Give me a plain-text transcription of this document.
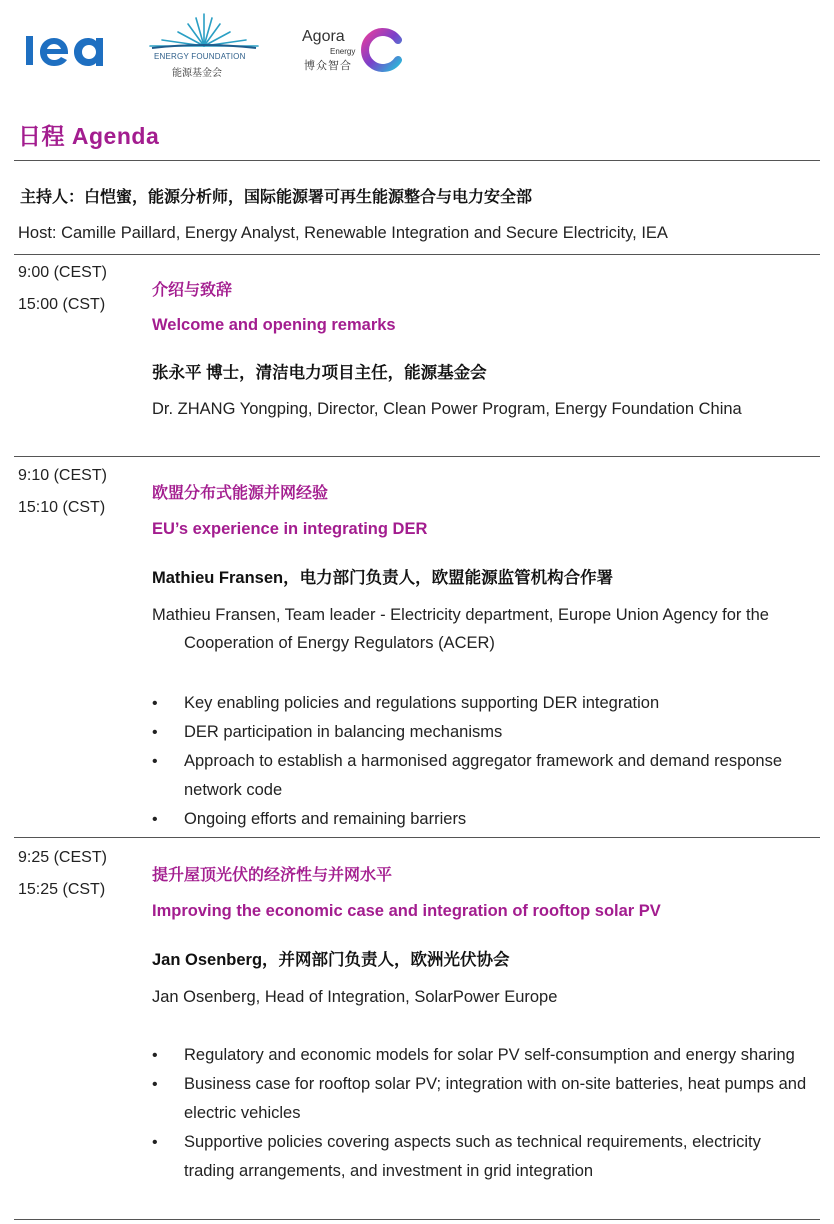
ENERGY FOUNDATION
能源基金会
Agora
Energy
博众智合
日程 Agenda
主持人：白恺蜜，能源分析师，国际能源署可再生能源整合与电力安全部
Host: Camille Paillard, Energy Analyst, Renewable Integration and Secure Electricity, IEA
9:00 (CEST)
15:00 (CST)
介绍与致辞
Welcome and opening remarks
张永平 博士，清洁电力项目主任，能源基金会
Dr. ZHANG Yongping, Director, Clean Power Program, Energy Foundation China
9:10 (CEST)
15:10 (CST)
欧盟分布式能源并网经验
EU’s experience in integrating DER
Mathieu Fransen，电力部门负责人，欧盟能源监管机构合作署
Mathieu Fransen, Team leader - Electricity department, Europe Union Agency for the Cooperation of Energy Regulators (ACER)
• Key enabling policies and regulations supporting DER integration
• DER participation in balancing mechanisms
• Approach to establish a harmonised aggregator framework and demand response network code
• Ongoing efforts and remaining barriers
9:25 (CEST)
15:25 (CST)
提升屋顶光伏的经济性与并网水平
Improving the economic case and integration of rooftop solar PV
Jan Osenberg，并网部门负责人，欧洲光伏协会
Jan Osenberg, Head of Integration, SolarPower Europe
• Regulatory and economic models for solar PV self-consumption and energy sharing
• Business case for rooftop solar PV; integration with on-site batteries, heat pumps and electric vehicles
• Supportive policies covering aspects such as technical requirements, electricity trading arrangements, and investment in grid integration
